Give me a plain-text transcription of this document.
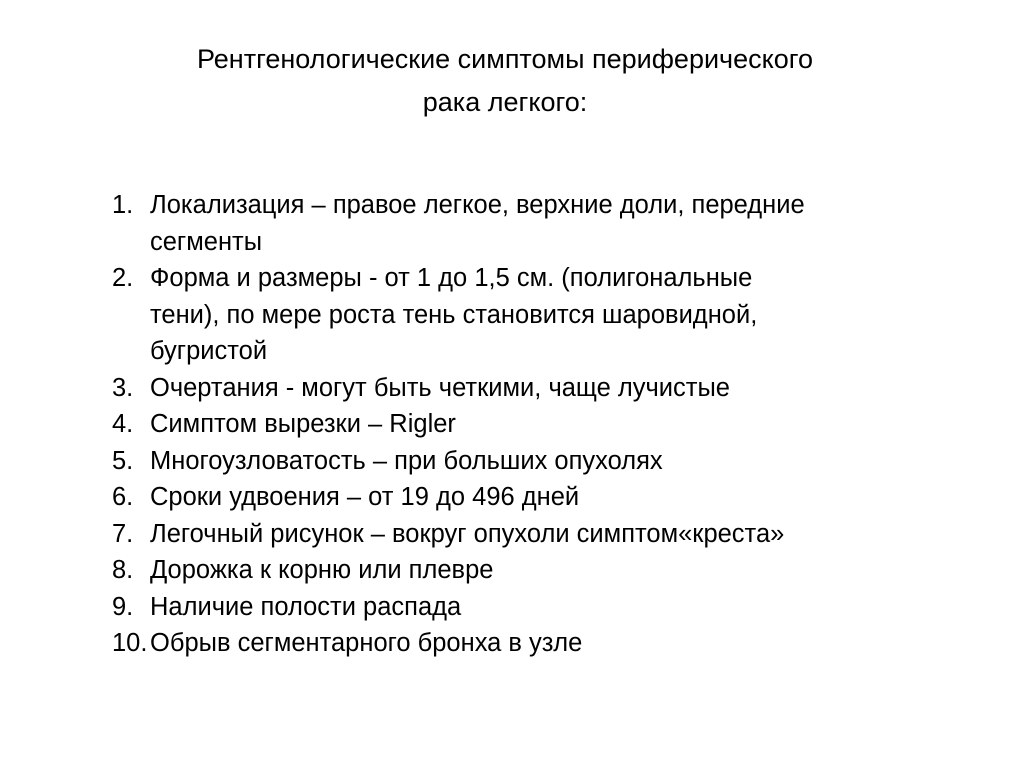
Рентгенологические симптомы периферического
рака легкого:
1. Локализация – правое легкое, верхние доли, передние
сегменты
2. Форма и размеры - от 1 до 1,5 см. (полигональные
тени), по мере роста тень становится шаровидной,
бугристой
3. Очертания - могут быть четкими, чаще лучистые
4. Симптом вырезки – Rigler
5. Многоузловатость – при больших опухолях
6. Сроки удвоения – от 19 до 496 дней
7. Легочный рисунок – вокруг опухоли симптом«креста»
8. Дорожка к корню или плевре
9. Наличие полости распада
10. Обрыв сегментарного бронха в узле
